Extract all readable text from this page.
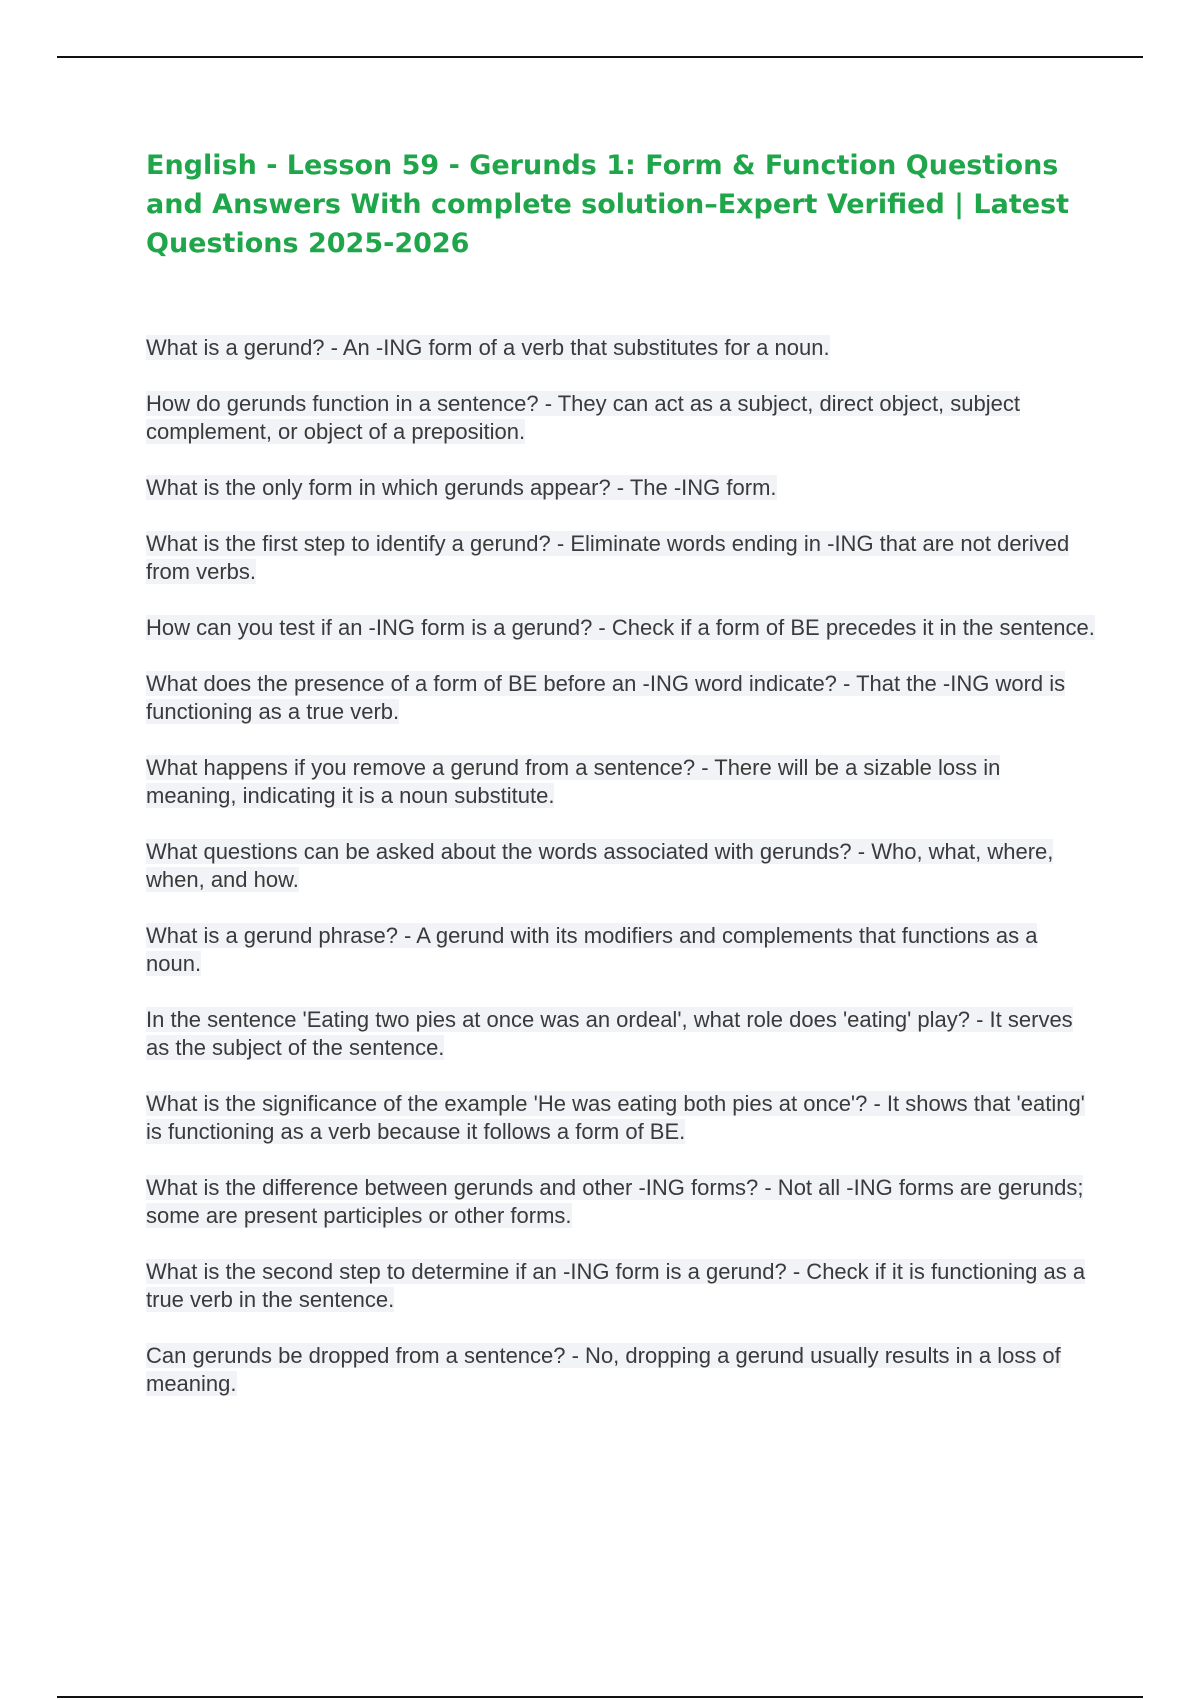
English - Lesson 59 - Gerunds 1: Form & Function Questions and Answers With complete solution–Expert Verified | Latest Questions 2025-2026
What is a gerund? - An -ING form of a verb that substitutes for a noun.
How do gerunds function in a sentence? - They can act as a subject, direct object, subject complement, or object of a preposition.
What is the only form in which gerunds appear? - The -ING form.
What is the first step to identify a gerund? - Eliminate words ending in -ING that are not derived from verbs.
How can you test if an -ING form is a gerund? - Check if a form of BE precedes it in the sentence.
What does the presence of a form of BE before an -ING word indicate? - That the -ING word is functioning as a true verb.
What happens if you remove a gerund from a sentence? - There will be a sizable loss in meaning, indicating it is a noun substitute.
What questions can be asked about the words associated with gerunds? - Who, what, where, when, and how.
What is a gerund phrase? - A gerund with its modifiers and complements that functions as a noun.
In the sentence 'Eating two pies at once was an ordeal', what role does 'eating' play? - It serves as the subject of the sentence.
What is the significance of the example 'He was eating both pies at once'? - It shows that 'eating' is functioning as a verb because it follows a form of BE.
What is the difference between gerunds and other -ING forms? - Not all -ING forms are gerunds; some are present participles or other forms.
What is the second step to determine if an -ING form is a gerund? - Check if it is functioning as a true verb in the sentence.
Can gerunds be dropped from a sentence? - No, dropping a gerund usually results in a loss of meaning.
